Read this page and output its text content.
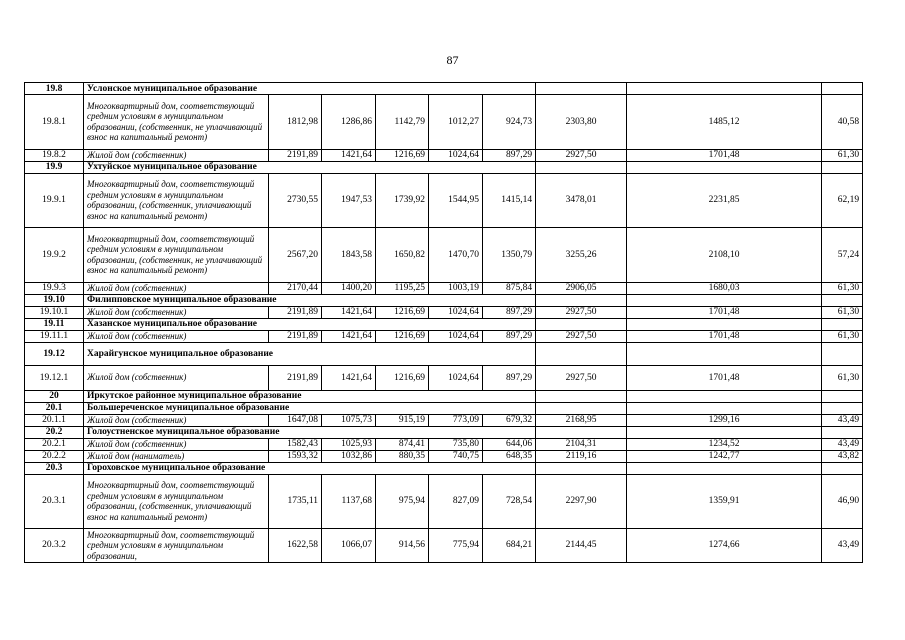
87
19.8	Услонское муниципальное образование								
19.8.1	Многоквартирный дом, соответствующий средним условиям в муниципальном образовании, (собственник, не уплачивающий взнос на капитальный ремонт)	1812,98	1286,86	1142,79	1012,27	924,73	2303,80	1485,12	40,58
19.8.2	Жилой дом (собственник)	2191,89	1421,64	1216,69	1024,64	897,29	2927,50	1701,48	61,30
19.9	Ухтуйское муниципальное образование								
19.9.1	Многоквартирный дом, соответствующий средним условиям в муниципальном образовании, (собственник, уплачивающий взнос на капитальный ремонт)	2730,55	1947,53	1739,92	1544,95	1415,14	3478,01	2231,85	62,19
19.9.2	Многоквартирный дом, соответствующий средним условиям в муниципальном образовании, (собственник, не уплачивающий взнос на капитальный ремонт)	2567,20	1843,58	1650,82	1470,70	1350,79	3255,26	2108,10	57,24
19.9.3	Жилой дом (собственник)	2170,44	1400,20	1195,25	1003,19	875,84	2906,05	1680,03	61,30
19.10	Филипповское муниципальное образование								
19.10.1	Жилой дом (собственник)	2191,89	1421,64	1216,69	1024,64	897,29	2927,50	1701,48	61,30
19.11	Хазанское муниципальное образование								
19.11.1	Жилой дом (собственник)	2191,89	1421,64	1216,69	1024,64	897,29	2927,50	1701,48	61,30
19.12	Харайгунское муниципальное образование								
19.12.1	Жилой дом (собственник)	2191,89	1421,64	1216,69	1024,64	897,29	2927,50	1701,48	61,30
20	Иркутское районное муниципальное образование								
20.1	Большереченское муниципальное образование								
20.1.1	Жилой дом (собственник)	1647,08	1075,73	915,19	773,09	679,32	2168,95	1299,16	43,49
20.2	Голоустненское муниципальное образование								
20.2.1	Жилой дом (собственник)	1582,43	1025,93	874,41	735,80	644,06	2104,31	1234,52	43,49
20.2.2	Жилой дом (наниматель)	1593,32	1032,86	880,35	740,75	648,35	2119,16	1242,77	43,82
20.3	Гороховское муниципальное образование								
20.3.1	Многоквартирный дом, соответствующий средним условиям в муниципальном образовании, (собственник, уплачивающий взнос на капитальный ремонт)	1735,11	1137,68	975,94	827,09	728,54	2297,90	1359,91	46,90
20.3.2	Многоквартирный дом, соответствующий средним условиям в муниципальном образовании,	1622,58	1066,07	914,56	775,94	684,21	2144,45	1274,66	43,49
